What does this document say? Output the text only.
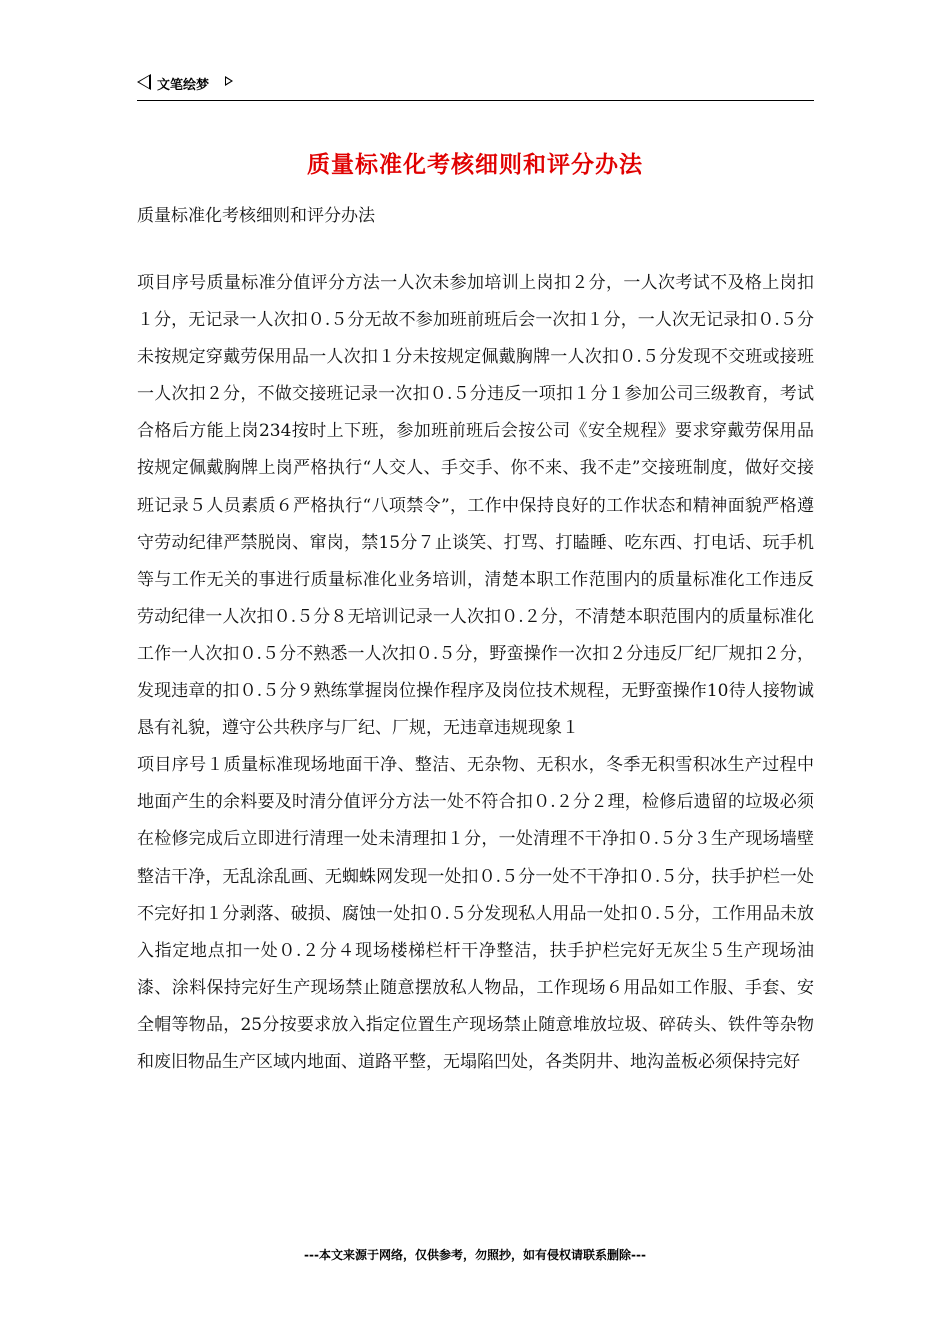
文笔绘梦
质量标准化考核细则和评分办法
质量标准化考核细则和评分办法

项目序号质量标准分值评分方法一人次未参加培训上岗扣２分，一人次考试不及格上岗扣１分，无记录一人次扣０.５分无故不参加班前班后会一次扣１分，一人次无记录扣０.５分未按规定穿戴劳保用品一人次扣１分未按规定佩戴胸牌一人次扣０.５分发现不交班或接班一人次扣２分，不做交接班记录一次扣０.５分违反一项扣１分１参加公司三级教育，考试合格后方能上岗234按时上下班，参加班前班后会按公司《安全规程》要求穿戴劳保用品按规定佩戴胸牌上岗严格执行“人交人、手交手、你不来、我不走”交接班制度，做好交接班记录５人员素质６严格执行“八项禁令”，工作中保持良好的工作状态和精神面貌严格遵守劳动纪律严禁脱岗、窜岗，禁15分７止谈笑、打骂、打瞌睡、吃东西、打电话、玩手机等与工作无关的事进行质量标准化业务培训，清楚本职工作范围内的质量标准化工作违反劳动纪律一人次扣０.５分８无培训记录一人次扣０.２分，不清楚本职范围内的质量标准化工作一人次扣０.５分不熟悉一人次扣０.５分，野蛮操作一次扣２分违反厂纪厂规扣２分，发现违章的扣０.５分９熟练掌握岗位操作程序及岗位技术规程，无野蛮操作10待人接物诚恳有礼貌，遵守公共秩序与厂纪、厂规，无违章违规现象１

项目序号１质量标准现场地面干净、整洁、无杂物、无积水，冬季无积雪积冰生产过程中地面产生的余料要及时清分值评分方法一处不符合扣０.２分２理，检修后遗留的垃圾必须在检修完成后立即进行清理一处未清理扣１分，一处清理不干净扣０.５分３生产现场墙壁整洁干净，无乱涂乱画、无蜘蛛网发现一处扣０.５分一处不干净扣０.５分，扶手护栏一处不完好扣１分剥落、破损、腐蚀一处扣０.５分发现私人用品一处扣０.５分，工作用品未放入指定地点扣一处０.２分４现场楼梯栏杆干净整洁，扶手护栏完好无灰尘５生产现场油漆、涂料保持完好生产现场禁止随意摆放私人物品，工作现场６用品如工作服、手套、安全帽等物品，25分按要求放入指定位置生产现场禁止随意堆放垃圾、碎砖头、铁件等杂物和废旧物品生产区域内地面、道路平整，无塌陷凹处，各类阴井、地沟盖板必须保持完好

---本文来源于网络，仅供参考，勿照抄，如有侵权请联系删除---
